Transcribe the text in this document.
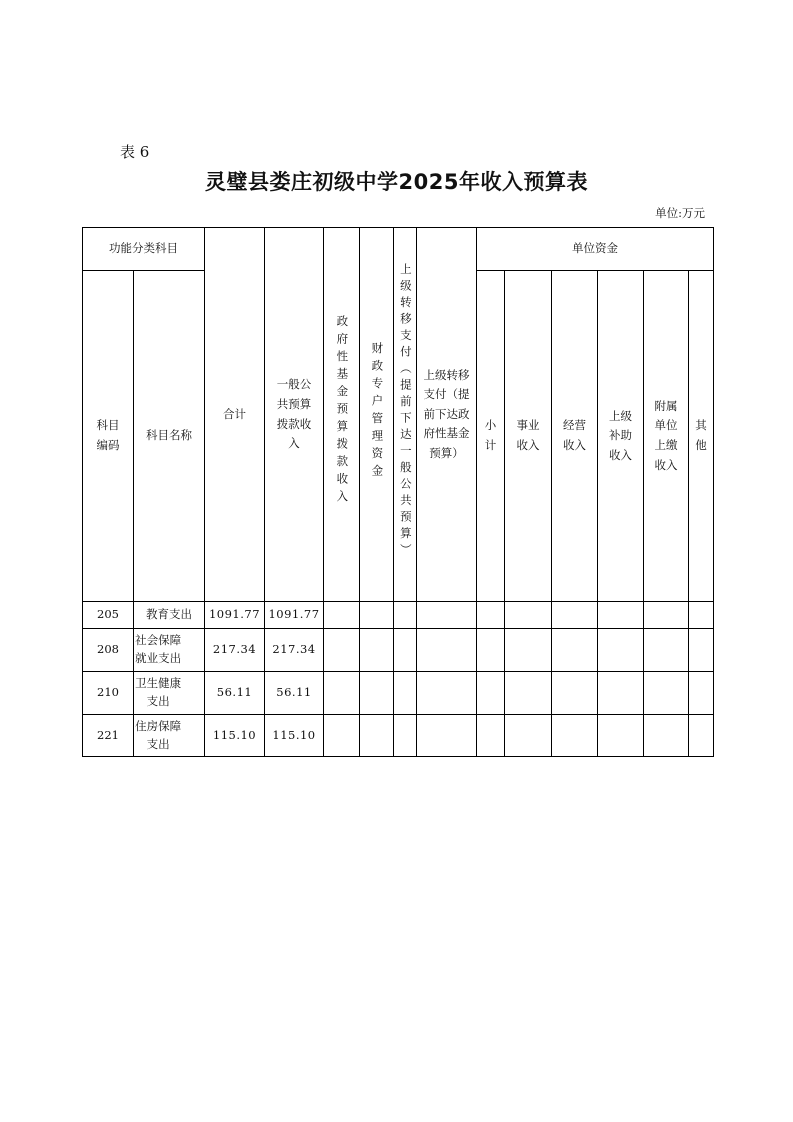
表 6
灵璧县娄庄初级中学2025年收入预算表
单位:万元
功能分类科目		合计	一般公共预算拨款收入	政府性基金预算拨款收入	财政专户管理资金	上级转移支付（提前下达一般公共预算）	上级转移支付（提前下达政府性基金预算）	单位资金					
科目编码	科目名称							小计	事业收入	经营收入	上级补助收入	附属单位上缴收入	其他
205	教育支出	1091.77	1091.77										
208	社会保障就业支出	217.34	217.34										
210	卫生健康支出	56.11	56.11										
221	住房保障支出	115.10	115.10										
